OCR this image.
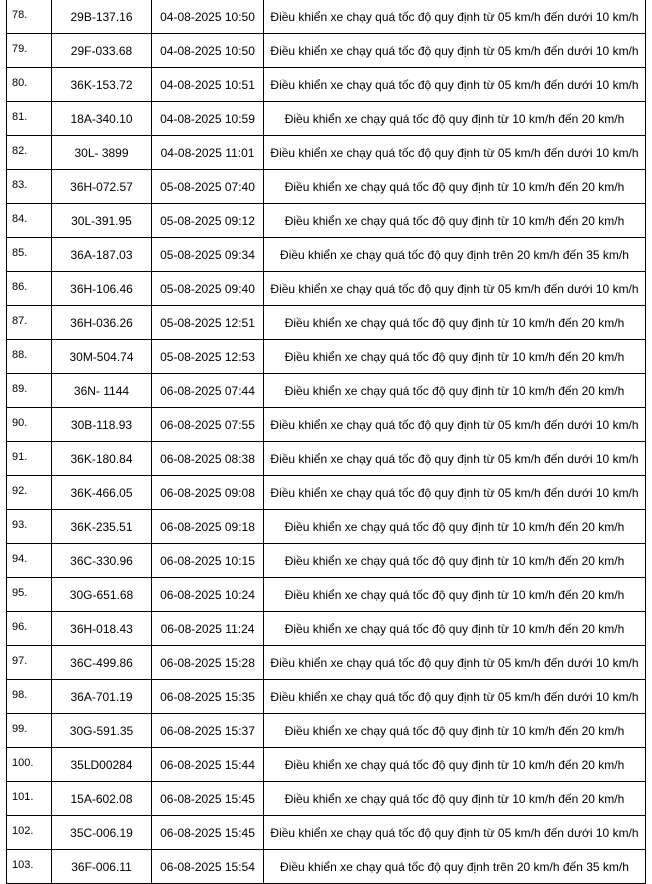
78.	29B-137.16	04-08-2025 10:50	Điều khiển xe chạy quá tốc độ quy định từ 05 km/h đến dưới 10 km/h
79.	29F-033.68	04-08-2025 10:50	Điều khiển xe chạy quá tốc độ quy định từ 05 km/h đến dưới 10 km/h
80.	36K-153.72	04-08-2025 10:51	Điều khiển xe chạy quá tốc độ quy định từ 05 km/h đến dưới 10 km/h
81.	18A-340.10	04-08-2025 10:59	Điều khiển xe chạy quá tốc độ quy định từ 10 km/h đến 20 km/h
82.	30L- 3899	04-08-2025 11:01	Điều khiển xe chạy quá tốc độ quy định từ 05 km/h đến dưới 10 km/h
83.	36H-072.57	05-08-2025 07:40	Điều khiển xe chạy quá tốc độ quy định từ 10 km/h đến 20 km/h
84.	30L-391.95	05-08-2025 09:12	Điều khiển xe chạy quá tốc độ quy định từ 10 km/h đến 20 km/h
85.	36A-187.03	05-08-2025 09:34	Điều khiển xe chạy quá tốc độ quy định trên 20 km/h đến 35 km/h
86.	36H-106.46	05-08-2025 09:40	Điều khiển xe chạy quá tốc độ quy định từ 05 km/h đến dưới 10 km/h
87.	36H-036.26	05-08-2025 12:51	Điều khiển xe chạy quá tốc độ quy định từ 10 km/h đến 20 km/h
88.	30M-504.74	05-08-2025 12:53	Điều khiển xe chạy quá tốc độ quy định từ 10 km/h đến 20 km/h
89.	36N- 1144	06-08-2025 07:44	Điều khiển xe chạy quá tốc độ quy định từ 10 km/h đến 20 km/h
90.	30B-118.93	06-08-2025 07:55	Điều khiển xe chạy quá tốc độ quy định từ 05 km/h đến dưới 10 km/h
91.	36K-180.84	06-08-2025 08:38	Điều khiển xe chạy quá tốc độ quy định từ 05 km/h đến dưới 10 km/h
92.	36K-466.05	06-08-2025 09:08	Điều khiển xe chạy quá tốc độ quy định từ 05 km/h đến dưới 10 km/h
93.	36K-235.51	06-08-2025 09:18	Điều khiển xe chạy quá tốc độ quy định từ 10 km/h đến 20 km/h
94.	36C-330.96	06-08-2025 10:15	Điều khiển xe chạy quá tốc độ quy định từ 10 km/h đến 20 km/h
95.	30G-651.68	06-08-2025 10:24	Điều khiển xe chạy quá tốc độ quy định từ 10 km/h đến 20 km/h
96.	36H-018.43	06-08-2025 11:24	Điều khiển xe chạy quá tốc độ quy định từ 10 km/h đến 20 km/h
97.	36C-499.86	06-08-2025 15:28	Điều khiển xe chạy quá tốc độ quy định từ 05 km/h đến dưới 10 km/h
98.	36A-701.19	06-08-2025 15:35	Điều khiển xe chạy quá tốc độ quy định từ 05 km/h đến dưới 10 km/h
99.	30G-591.35	06-08-2025 15:37	Điều khiển xe chạy quá tốc độ quy định từ 10 km/h đến 20 km/h
100.	35LD00284	06-08-2025 15:44	Điều khiển xe chạy quá tốc độ quy định từ 10 km/h đến 20 km/h
101.	15A-602.08	06-08-2025 15:45	Điều khiển xe chạy quá tốc độ quy định từ 10 km/h đến 20 km/h
102.	35C-006.19	06-08-2025 15:45	Điều khiển xe chạy quá tốc độ quy định từ 05 km/h đến dưới 10 km/h
103.	36F-006.11	06-08-2025 15:54	Điều khiển xe chạy quá tốc độ quy định trên 20 km/h đến 35 km/h
